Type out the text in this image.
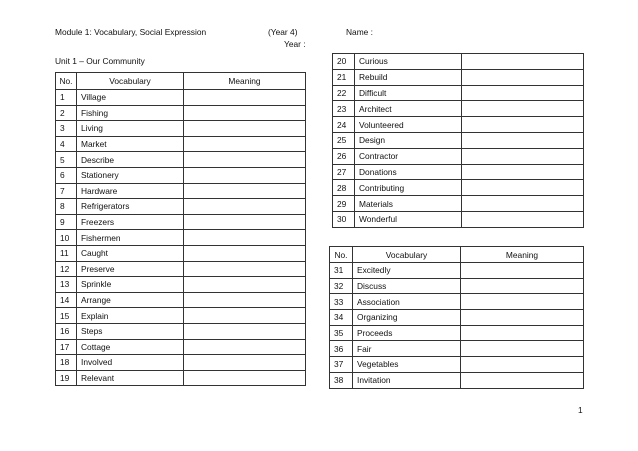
Module 1: Vocabulary, Social Expression	(Year 4)	Name :
Year :
Unit 1 – Our Community
No.	Vocabulary	Meaning
1	Village	
2	Fishing	
3	Living	
4	Market	
5	Describe	
6	Stationery	
7	Hardware	
8	Refrigerators	
9	Freezers	
10	Fishermen	
11	Caught	
12	Preserve	
13	Sprinkle	
14	Arrange	
15	Explain	
16	Steps	
17	Cottage	
18	Involved	
19	Relevant	
20	Curious	
21	Rebuild	
22	Difficult	
23	Architect	
24	Volunteered	
25	Design	
26	Contractor	
27	Donations	
28	Contributing	
29	Materials	
30	Wonderful	
No.	Vocabulary	Meaning
31	Excitedly	
32	Discuss	
33	Association	
34	Organizing	
35	Proceeds	
36	Fair	
37	Vegetables	
38	Invitation	
1
